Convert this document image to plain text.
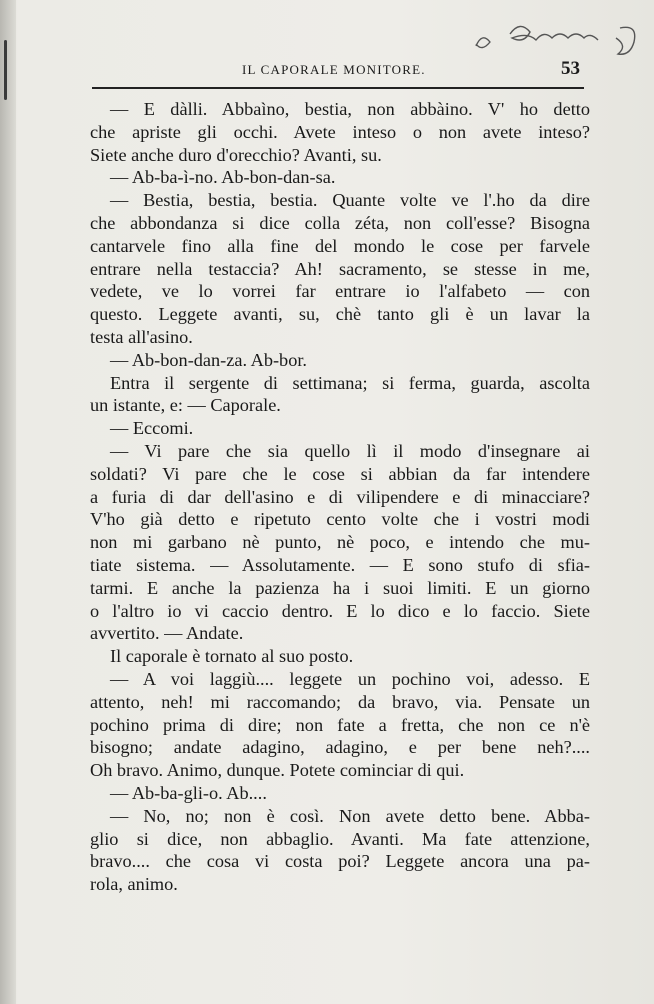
IL CAPORALE MONITORE.	53
— E dàlli. Abbaìno, bestia, non abbàino. V' ho detto
che apriste gli occhi. Avete inteso o non avete inteso?
Siete anche duro d'orecchio? Avanti, su.
— Ab-ba-ì-no. Ab-bon-dan-sa.
— Bestia, bestia, bestia. Quante volte ve l'.ho da dire
che abbondanza si dice colla zéta, non coll'esse? Bisogna
cantarvele fino alla fine del mondo le cose per farvele
entrare nella testaccia? Ah! sacramento, se stesse in me,
vedete, ve lo vorrei far entrare io l'alfabeto — con
questo. Leggete avanti, su, chè tanto gli è un lavar la
testa all'asino.
— Ab-bon-dan-za. Ab-bor.
Entra il sergente di settimana; si ferma, guarda, ascolta
un istante, e: — Caporale.
— Eccomi.
— Vi pare che sia quello lì il modo d'insegnare ai
soldati? Vi pare che le cose si abbian da far intendere
a furia di dar dell'asino e di vilipendere e di minacciare?
V'ho già detto e ripetuto cento volte che i vostri modi
non mi garbano nè punto, nè poco, e intendo che mu-
tiate sistema. — Assolutamente. — E sono stufo di sfia-
tarmi. E anche la pazienza ha i suoi limiti. E un giorno
o l'altro io vi caccio dentro. E lo dico e lo faccio. Siete
avvertito. — Andate.
Il caporale è tornato al suo posto.
— A voi laggiù.... leggete un pochino voi, adesso. E
attento, neh! mi raccomando; da bravo, via. Pensate un
pochino prima di dire; non fate a fretta, che non ce n'è
bisogno; andate adagino, adagino, e per bene neh?....
Oh bravo. Animo, dunque. Potete cominciar di qui.
— Ab-ba-gli-o. Ab....
— No, no; non è così. Non avete detto bene. Abba-
glio si dice, non abbaglio. Avanti. Ma fate attenzione,
bravo.... che cosa vi costa poi? Leggete ancora una pa-
rola, animo.
